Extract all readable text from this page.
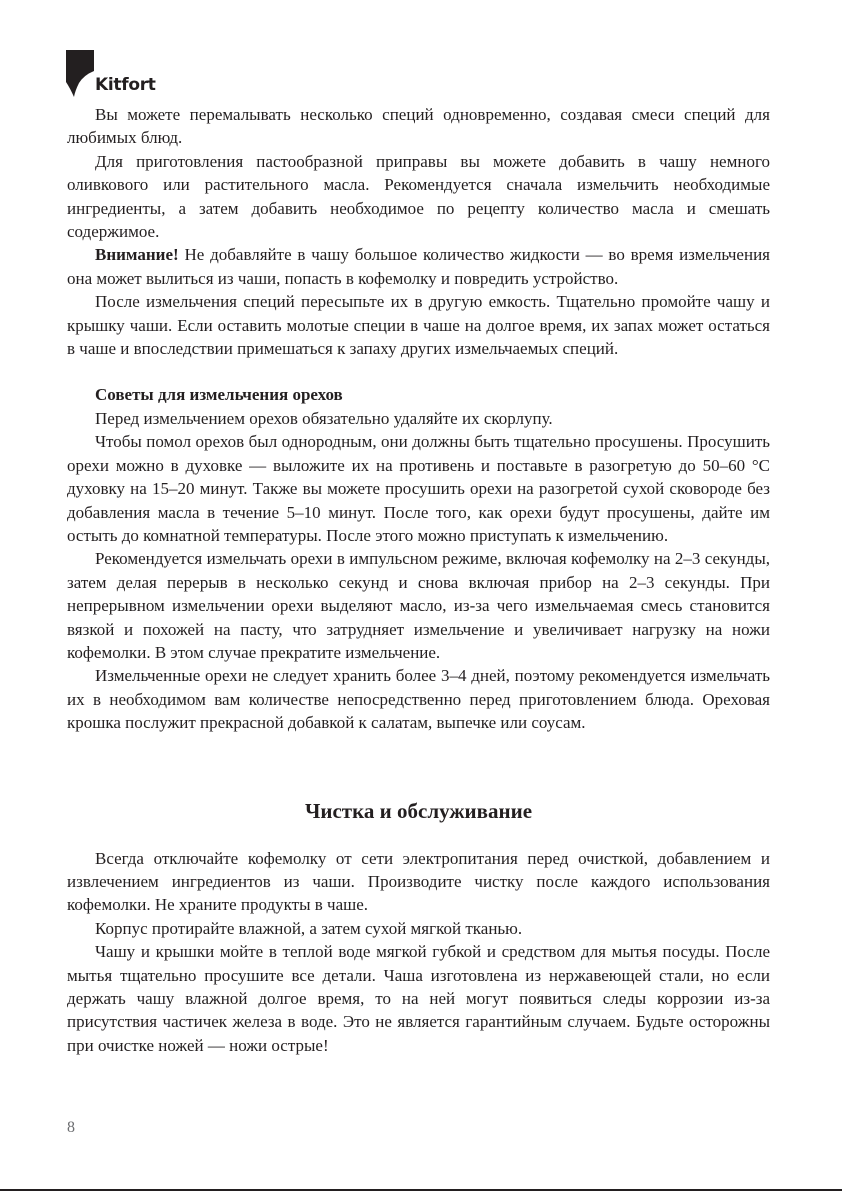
Kitfort

Вы можете перемалывать несколько специй одновременно, создавая смеси специй для любимых блюд.

Для приготовления пастообразной приправы вы можете добавить в чашу немного оливкового или растительного масла. Рекомендуется сначала измельчить необходимые ингредиенты, а затем добавить необходимое по рецепту количество масла и смешать содержимое.

Внимание! Не добавляйте в чашу большое количество жидкости — во время измельчения она может вылиться из чаши, попасть в кофемолку и повредить устройство.

После измельчения специй пересыпьте их в другую емкость. Тщательно промойте чашу и крышку чаши. Если оставить молотые специи в чаше на долгое время, их запах может остаться в чаше и впоследствии примешаться к запаху других измельчаемых специй.

Советы для измельчения орехов

Перед измельчением орехов обязательно удаляйте их скорлупу.

Чтобы помол орехов был однородным, они должны быть тщательно просушены. Просушить орехи можно в духовке — выложите их на противень и поставьте в разогретую до 50–60 °С духовку на 15–20 минут. Также вы можете просушить орехи на разогретой сухой сковороде без добавления масла в течение 5–10 минут. После того, как орехи будут просушены, дайте им остыть до комнатной температуры. После этого можно приступать к измельчению.

Рекомендуется измельчать орехи в импульсном режиме, включая кофемолку на 2–3 секунды, затем делая перерыв в несколько секунд и снова включая прибор на 2–3 секунды. При непрерывном измельчении орехи выделяют масло, из-за чего измельчаемая смесь становится вязкой и похожей на пасту, что затрудняет измельчение и увеличивает нагрузку на ножи кофемолки. В этом случае прекратите измельчение.

Измельченные орехи не следует хранить более 3–4 дней, поэтому рекомендуется измельчать их в необходимом вам количестве непосредственно перед приготовлением блюда. Ореховая крошка послужит прекрасной добавкой к салатам, выпечке или соусам.

Чистка и обслуживание

Всегда отключайте кофемолку от сети электропитания перед очисткой, добавлением и извлечением ингредиентов из чаши. Производите чистку после каждого использования кофемолки. Не храните продукты в чаше.

Корпус протирайте влажной, а затем сухой мягкой тканью.

Чашу и крышки мойте в теплой воде мягкой губкой и средством для мытья посуды. После мытья тщательно просушите все детали. Чаша изготовлена из нержавеющей стали, но если держать чашу влажной долгое время, то на ней могут появиться следы коррозии из-за присутствия частичек железа в воде. Это не является гарантийным случаем. Будьте осторожны при очистке ножей — ножи острые!

8
